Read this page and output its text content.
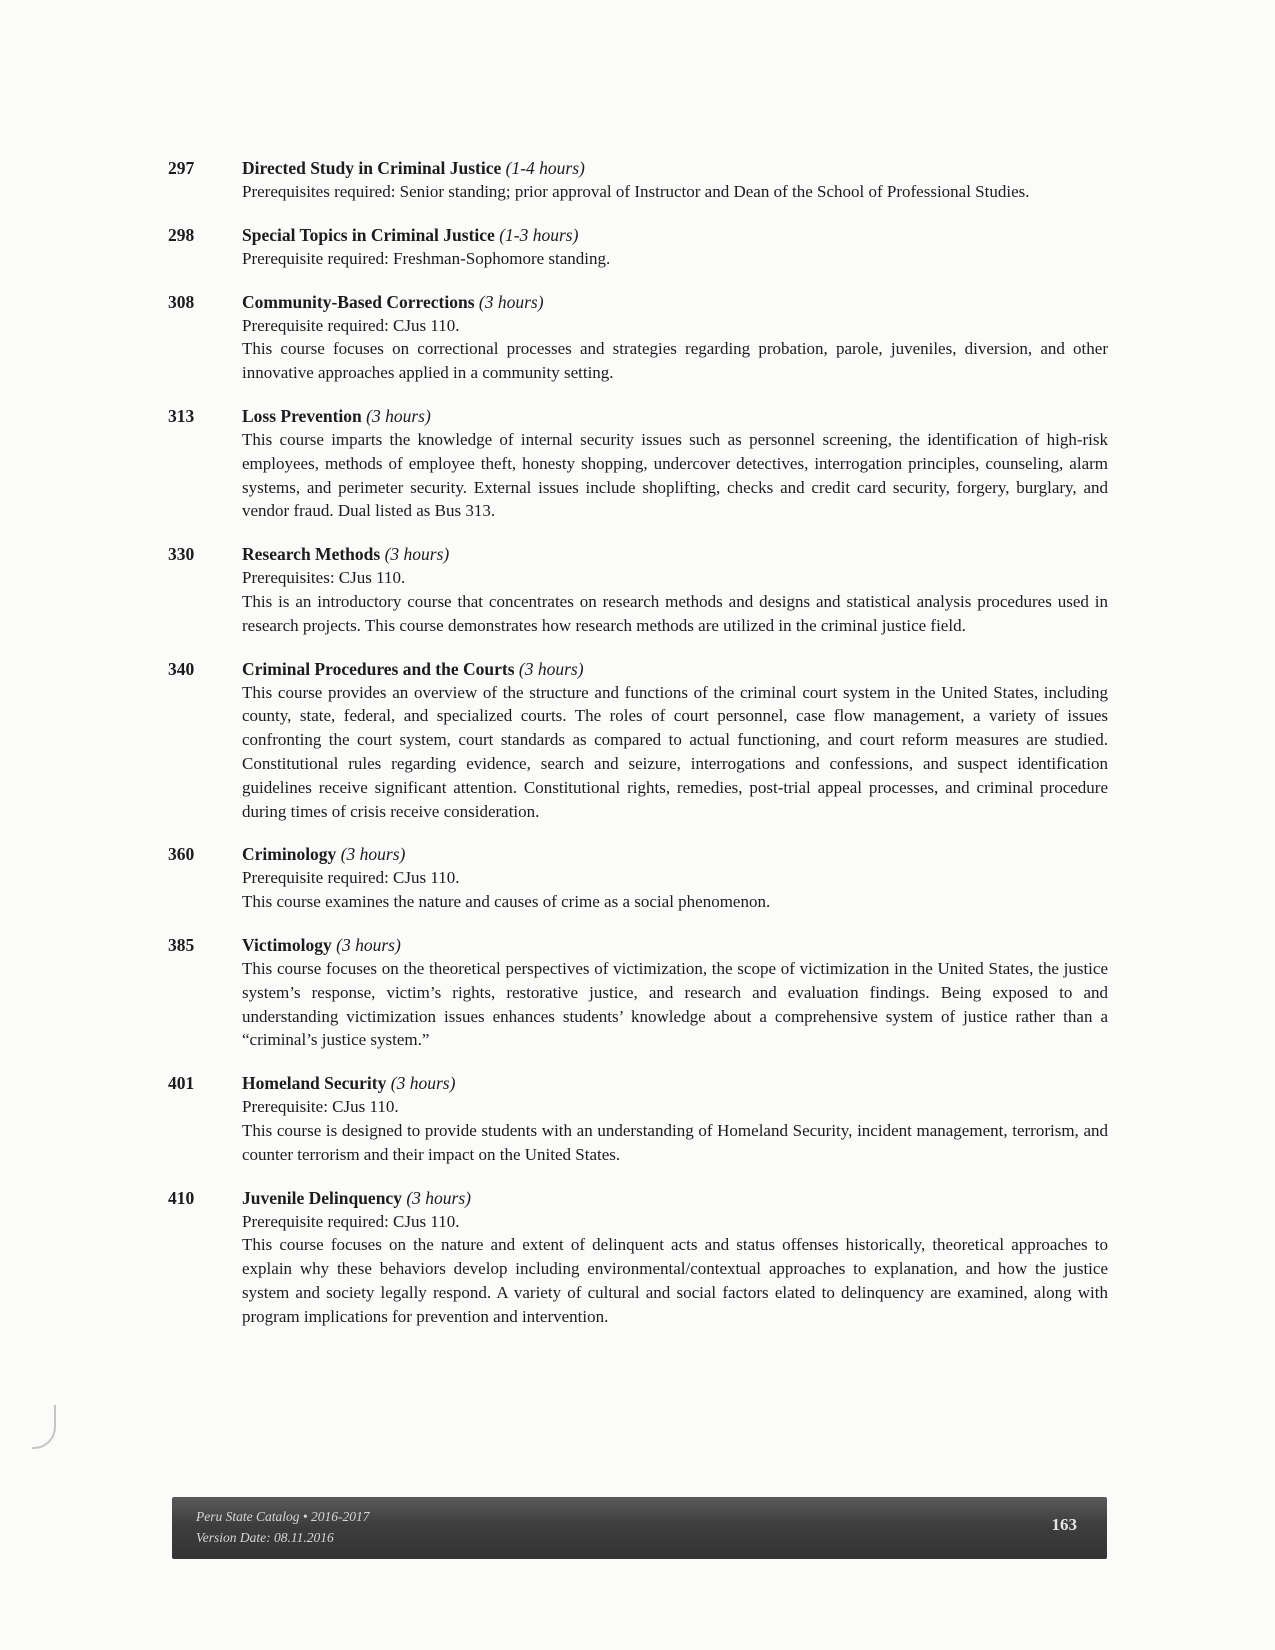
297	Directed Study in Criminal Justice (1-4 hours)

Prerequisites required: Senior standing; prior approval of Instructor and Dean of the School of Professional Studies.

298	Special Topics in Criminal Justice (1-3 hours)

Prerequisite required: Freshman-Sophomore standing.

308	Community-Based Corrections (3 hours)

Prerequisite required: CJus 110.

This course focuses on correctional processes and strategies regarding probation, parole, juveniles, diversion, and other innovative approaches applied in a community setting.

313	Loss Prevention (3 hours)

This course imparts the knowledge of internal security issues such as personnel screening, the identification of high-risk employees, methods of employee theft, honesty shopping, undercover detectives, interrogation principles, counseling, alarm systems, and perimeter security. External issues include shoplifting, checks and credit card security, forgery, burglary, and vendor fraud. Dual listed as Bus 313.

330	Research Methods (3 hours)

Prerequisites: CJus 110.

This is an introductory course that concentrates on research methods and designs and statistical analysis procedures used in research projects. This course demonstrates how research methods are utilized in the criminal justice field.

340	Criminal Procedures and the Courts (3 hours)

This course provides an overview of the structure and functions of the criminal court system in the United States, including county, state, federal, and specialized courts. The roles of court personnel, case flow management, a variety of issues confronting the court system, court standards as compared to actual functioning, and court reform measures are studied. Constitutional rules regarding evidence, search and seizure, interrogations and confessions, and suspect identification guidelines receive significant attention. Constitutional rights, remedies, post-trial appeal processes, and criminal procedure during times of crisis receive consideration.

360	Criminology (3 hours)

Prerequisite required: CJus 110.

This course examines the nature and causes of crime as a social phenomenon.

385	Victimology (3 hours)

This course focuses on the theoretical perspectives of victimization, the scope of victimization in the United States, the justice system’s response, victim’s rights, restorative justice, and research and evaluation findings. Being exposed to and understanding victimization issues enhances students’ knowledge about a comprehensive system of justice rather than a “criminal’s justice system.”

401	Homeland Security (3 hours)

Prerequisite: CJus 110.

This course is designed to provide students with an understanding of Homeland Security, incident management, terrorism, and counter terrorism and their impact on the United States.

410	Juvenile Delinquency (3 hours)

Prerequisite required: CJus 110.

This course focuses on the nature and extent of delinquent acts and status offenses historically, theoretical approaches to explain why these behaviors develop including environmental/contextual approaches to explanation, and how the justice system and society legally respond. A variety of cultural and social factors elated to delinquency are examined, along with program implications for prevention and intervention.

Peru State Catalog • 2016-2017
Version Date: 08.11.2016
163
